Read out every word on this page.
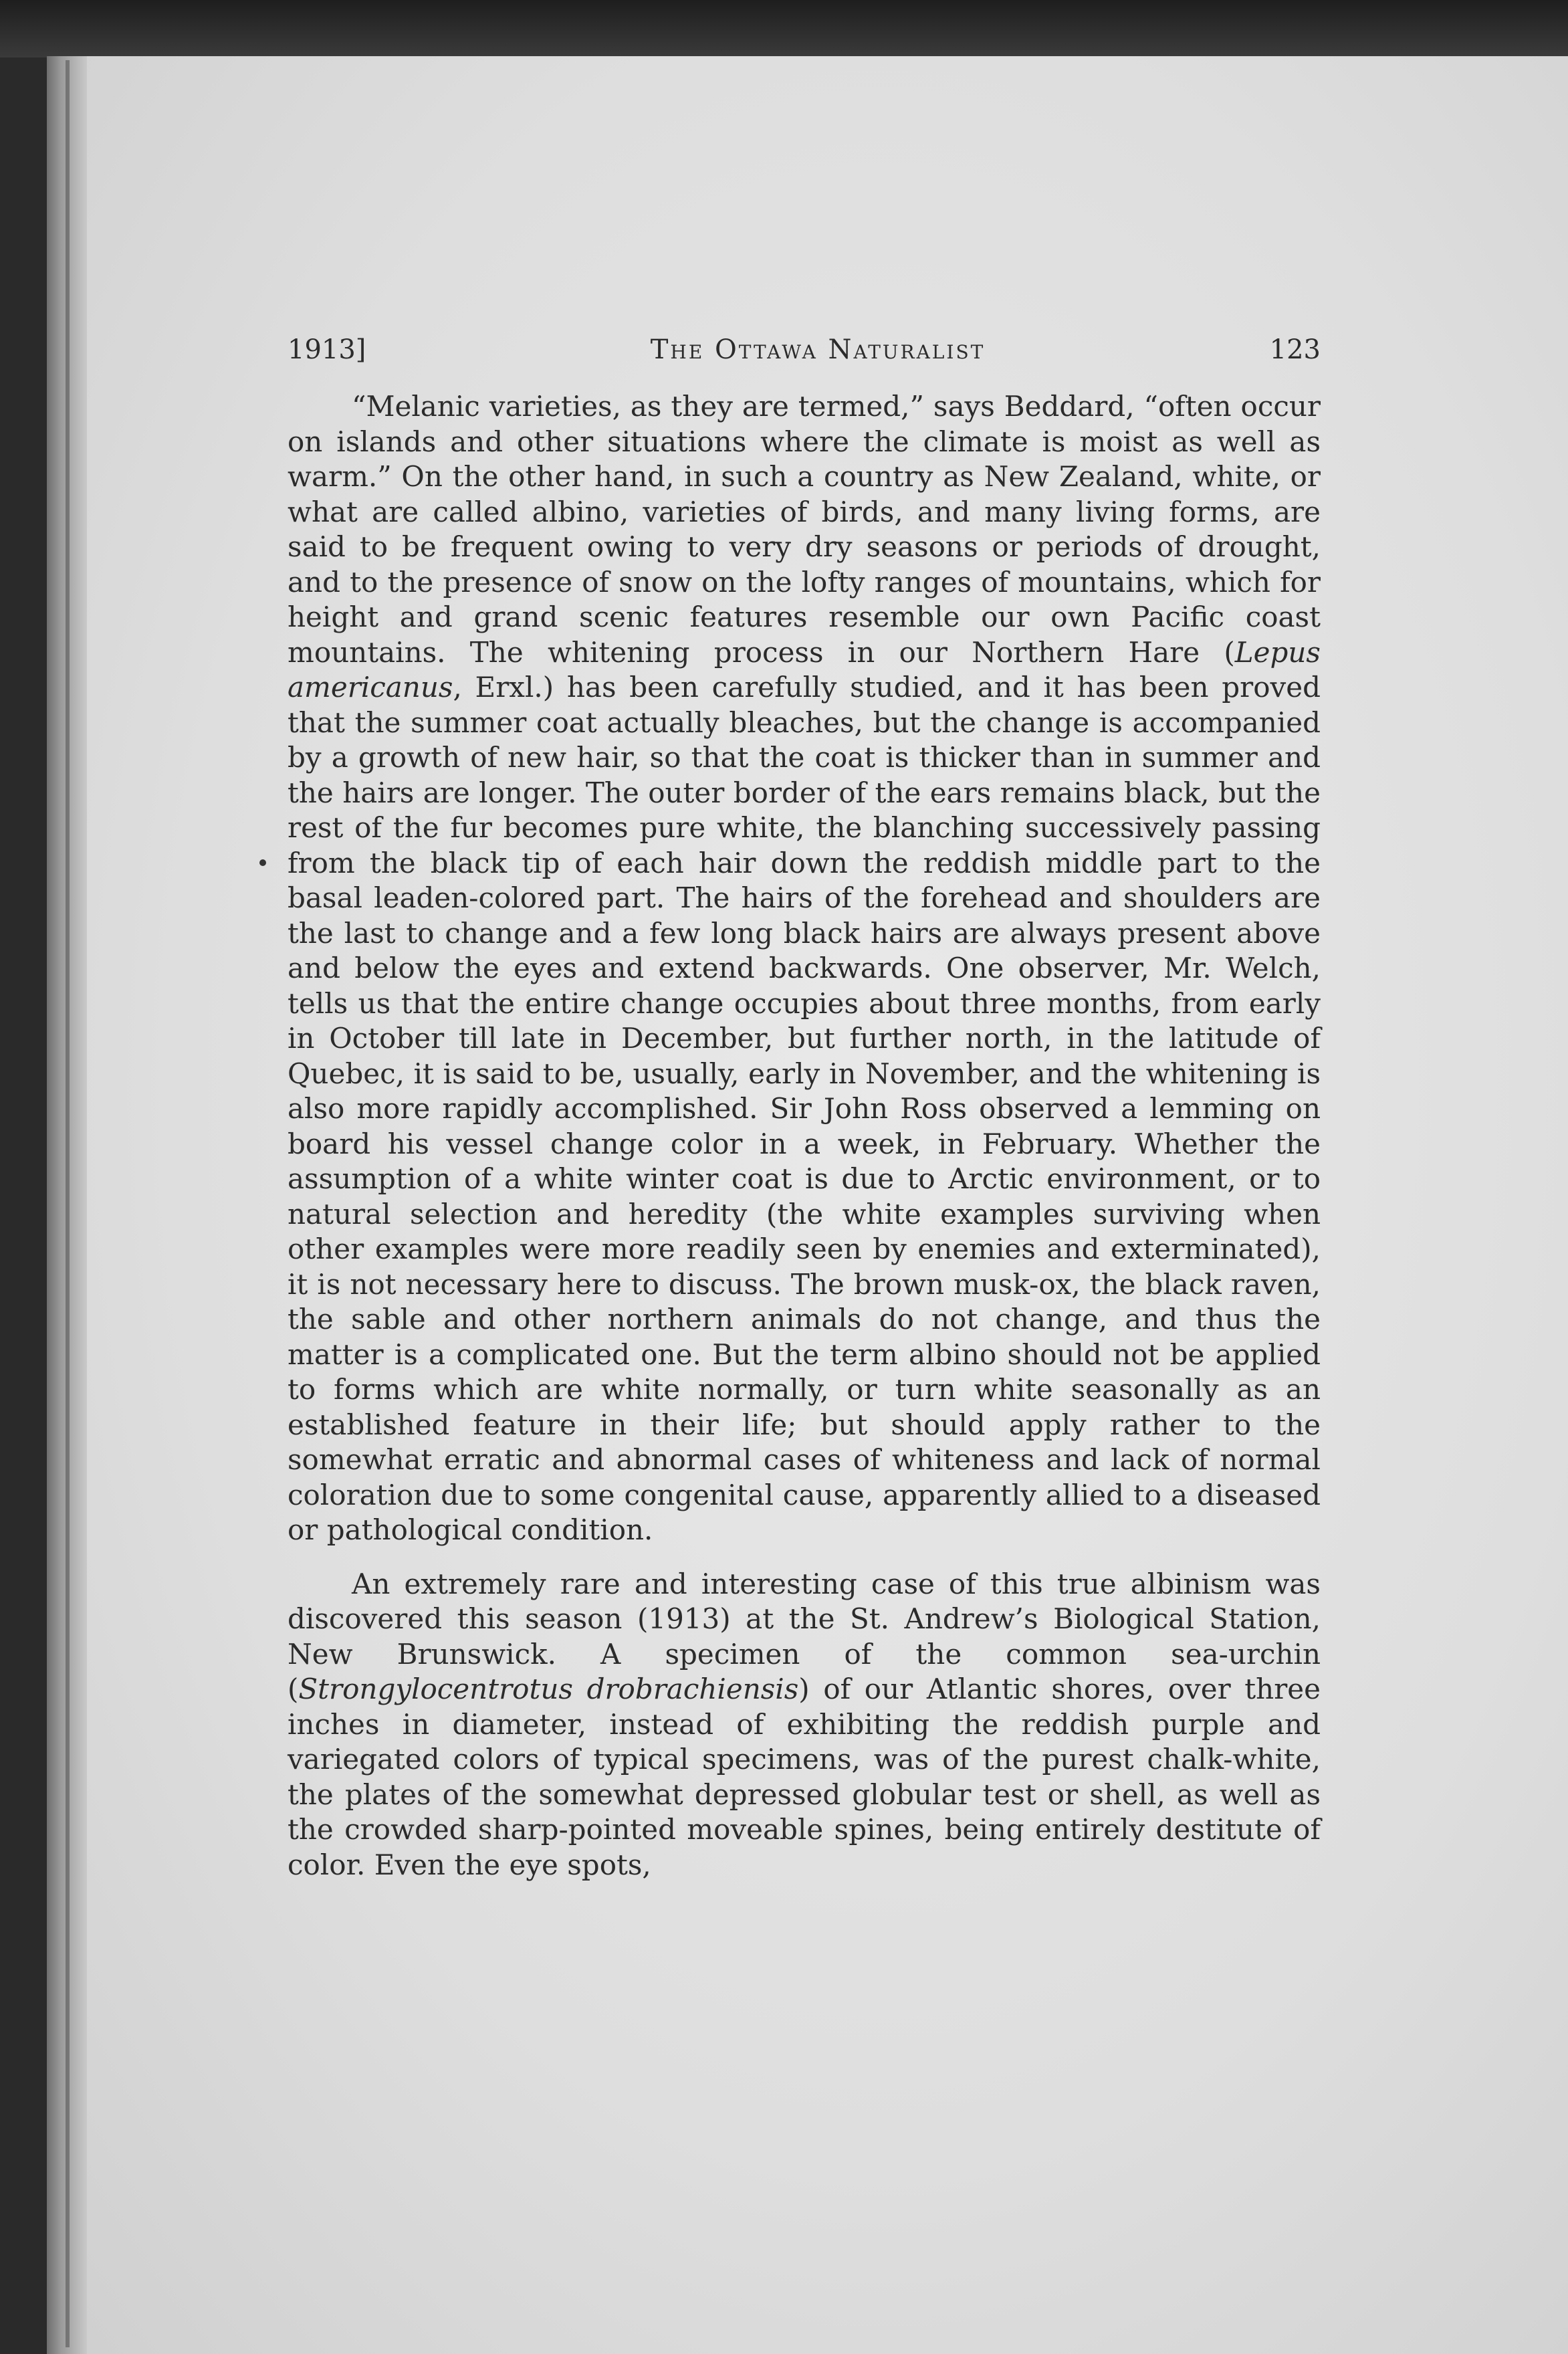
1913]	The Ottawa Naturalist	123

“Melanic varieties, as they are termed,” says Beddard, “often occur on islands and other situations where the climate is moist as well as warm.” On the other hand, in such a country as New Zealand, white, or what are called albino, varieties of birds, and many living forms, are said to be frequent owing to very dry seasons or periods of drought, and to the presence of snow on the lofty ranges of mountains, which for height and grand scenic features resemble our own Pacific coast mountains. The whitening process in our Northern Hare (Lepus americanus, Erxl.) has been carefully studied, and it has been proved that the summer coat actually bleaches, but the change is accompanied by a growth of new hair, so that the coat is thicker than in summer and the hairs are longer. The outer border of the ears remains black, but the rest of the fur becomes pure white, the blanching successively passing from the black tip of each hair down the reddish middle part to the basal leaden-colored part. The hairs of the forehead and shoulders are the last to change and a few long black hairs are always present above and below the eyes and extend backwards. One observer, Mr. Welch, tells us that the entire change occupies about three months, from early in October till late in December, but further north, in the latitude of Quebec, it is said to be, usually, early in November, and the whitening is also more rapidly accomplished. Sir John Ross observed a lemming on board his vessel change color in a week, in February. Whether the assumption of a white winter coat is due to Arctic environment, or to natural selection and heredity (the white examples surviving when other examples were more readily seen by enemies and exterminated), it is not necessary here to discuss. The brown musk-ox, the black raven, the sable and other northern animals do not change, and thus the matter is a complicated one. But the term albino should not be applied to forms which are white normally, or turn white seasonally as an established feature in their life; but should apply rather to the somewhat erratic and abnormal cases of whiteness and lack of normal coloration due to some congenital cause, apparently allied to a diseased or pathological condition.

An extremely rare and interesting case of this true albinism was discovered this season (1913) at the St. Andrew’s Biological Station, New Brunswick. A specimen of the common sea-urchin (Strongylocentrotus drobrachiensis) of our Atlantic shores, over three inches in diameter, instead of exhibiting the reddish purple and variegated colors of typical specimens, was of the purest chalk-white, the plates of the somewhat depressed globular test or shell, as well as the crowded sharp-pointed moveable spines, being entirely destitute of color. Even the eye spots,
